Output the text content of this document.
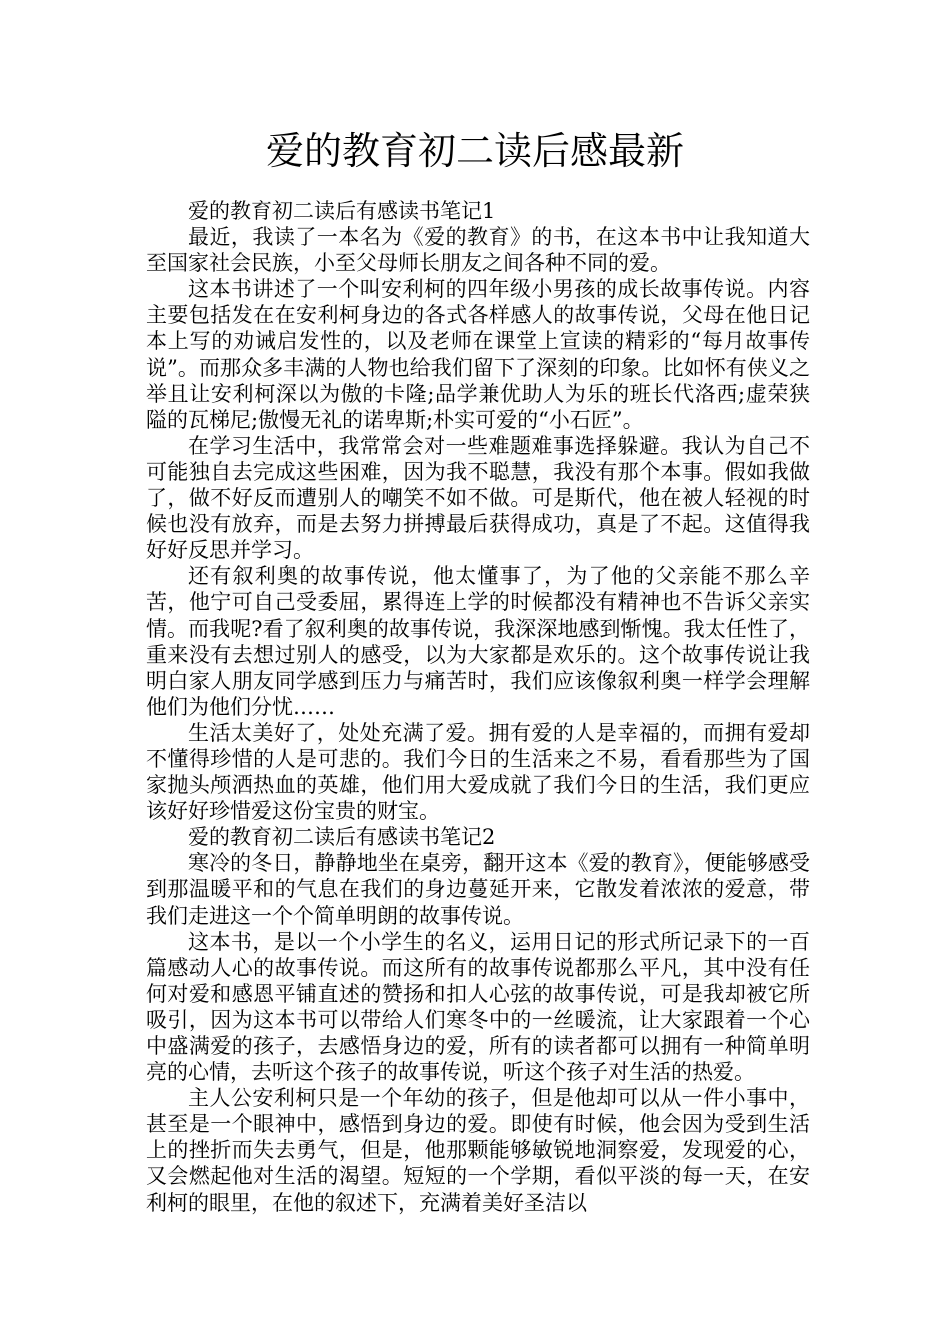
爱的教育初二读后感最新

爱的教育初二读后有感读书笔记1

最近，我读了一本名为《爱的教育》的书，在这本书中让我知道大至国家社会民族，小至父母师长朋友之间各种不同的爱。

这本书讲述了一个叫安利柯的四年级小男孩的成长故事传说。内容主要包括发在在安利柯身边的各式各样感人的故事传说，父母在他日记本上写的劝诫启发性的，以及老师在课堂上宣读的精彩的“每月故事传说”。而那众多丰满的人物也给我们留下了深刻的印象。比如怀有侠义之举且让安利柯深以为傲的卡隆;品学兼优助人为乐的班长代洛西;虚荣狭隘的瓦梯尼;傲慢无礼的诺卑斯;朴实可爱的“小石匠”。

在学习生活中，我常常会对一些难题难事选择躲避。我认为自己不可能独自去完成这些困难，因为我不聪慧，我没有那个本事。假如我做了，做不好反而遭别人的嘲笑不如不做。可是斯代，他在被人轻视的时候也没有放弃，而是去努力拼搏最后获得成功，真是了不起。这值得我好好反思并学习。

还有叙利奥的故事传说，他太懂事了，为了他的父亲能不那么辛苦，他宁可自己受委屈，累得连上学的时候都没有精神也不告诉父亲实情。而我呢?看了叙利奥的故事传说，我深深地感到惭愧。我太任性了，重来没有去想过别人的感受，以为大家都是欢乐的。这个故事传说让我明白家人朋友同学感到压力与痛苦时，我们应该像叙利奥一样学会理解他们为他们分忧……

生活太美好了，处处充满了爱。拥有爱的人是幸福的，而拥有爱却不懂得珍惜的人是可悲的。我们今日的生活来之不易，看看那些为了国家抛头颅洒热血的英雄，他们用大爱成就了我们今日的生活，我们更应该好好珍惜爱这份宝贵的财宝。

爱的教育初二读后有感读书笔记2

寒冷的冬日，静静地坐在桌旁，翻开这本《爱的教育》，便能够感受到那温暖平和的气息在我们的身边蔓延开来，它散发着浓浓的爱意，带我们走进这一个个简单明朗的故事传说。

这本书，是以一个小学生的名义，运用日记的形式所记录下的一百篇感动人心的故事传说。而这所有的故事传说都那么平凡，其中没有任何对爱和感恩平铺直述的赞扬和扣人心弦的故事传说，可是我却被它所吸引，因为这本书可以带给人们寒冬中的一丝暖流，让大家跟着一个心中盛满爱的孩子，去感悟身边的爱，所有的读者都可以拥有一种简单明亮的心情，去听这个孩子的故事传说，听这个孩子对生活的热爱。

主人公安利柯只是一个年幼的孩子，但是他却可以从一件小事中，甚至是一个眼神中，感悟到身边的爱。即使有时候，他会因为受到生活上的挫折而失去勇气，但是，他那颗能够敏锐地洞察爱，发现爱的心，又会燃起他对生活的渴望。短短的一个学期，看似平淡的每一天，在安利柯的眼里，在他的叙述下，充满着美好圣洁以
